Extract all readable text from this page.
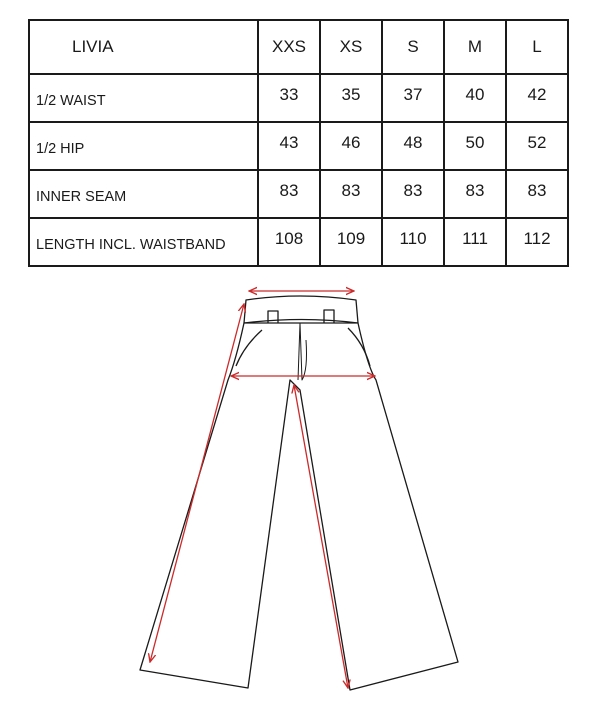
LIVIA	XXS	XS	S	M	L
1/2 WAIST	33	35	37	40	42
1/2 HIP	43	46	48	50	52
INNER SEAM	83	83	83	83	83
LENGTH INCL. WAISTBAND	108	109	110	111	112
